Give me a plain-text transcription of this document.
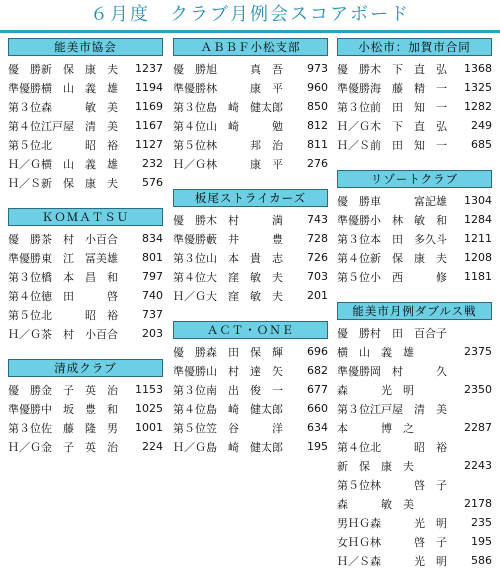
６月度　クラブ月例会スコアボード
能美市協会
優　勝 新　保　康　夫	1237
準優勝 横　山　義　雄	1194
第３位 森　　　敏　美	1169
第４位 江戸屋　清　美	1167
第５位 北　　　昭　裕	1127
Ｈ／Ｇ 横　山　義　雄	232
Ｈ／Ｓ 新　保　康　夫	576
ＫＯＭＡＴＳＵ
優　勝 茶　村　小百合	834
準優勝 東　江　冨美雄	801
第３位 橋　本　昌　和	797
第４位 徳　田　　　啓	740
第５位 北　　　昭　裕	737
Ｈ／Ｇ 茶　村　小百合	203
清成クラブ
優　勝 金　子　英　治	1153
準優勝 中　坂　豊　和	1025
第３位 佐　藤　隆　男	1001
Ｈ／Ｇ 金　子　英　治	224
ＡＢＢＦ小松支部
優　勝 旭　　　真　吾	973
準優勝 林　　　康　平	960
第３位 島　崎　健太郎	850
第４位 山　崎　　　勉	812
第５位 林　　　邦　治	811
Ｈ／Ｇ 林　　　康　平	276
板尾ストライカーズ
優　勝 木　村　　　満	743
準優勝 藪　井　　　豊	728
第３位 山　本　貴　志	726
第４位 大　窪　敏　夫	703
Ｈ／Ｇ 大　窪　敏　夫	201
ＡＣＴ・ＯＮＥ
優　勝 森　田　保　輝	696
準優勝 山　村　達　矢	682
第３位 南　出　俊　一	677
第４位 島　崎　健太郎	660
第５位 笠　谷　　　洋	634
Ｈ／Ｇ 島　崎　健太郎	195
小松市：加賀市合同
優　勝 木　下　直　弘	1368
準優勝 海　藤　精　一	1325
第３位 前　田　知　一	1282
Ｈ／Ｇ 木　下　直　弘	249
Ｈ／Ｓ 前　田　知　一	685
リゾートクラブ
優　勝 車　　　富記雄	1304
準優勝 小　林　敏　和	1284
第３位 本　田　多久斗	1211
第４位 新　保　康　夫	1208
第５位 小　西　　　修	1181
能美市月例ダブルス戦
優　勝 村　田　百合子
横　山　義　雄	2375
準優勝 岡　村　　　久
森　　　光　明	2350
第３位 江戸屋　清　美
本　　　博　之	2287
第４位 北　　　昭　裕
新　保　康　夫	2243
第５位 林　　　啓　子
森　　　敏　美	2178
男ＨＧ 森　　　光　明	235
女ＨＧ 林　　　啓　子	195
Ｈ／Ｓ 森　　　光　明	586
